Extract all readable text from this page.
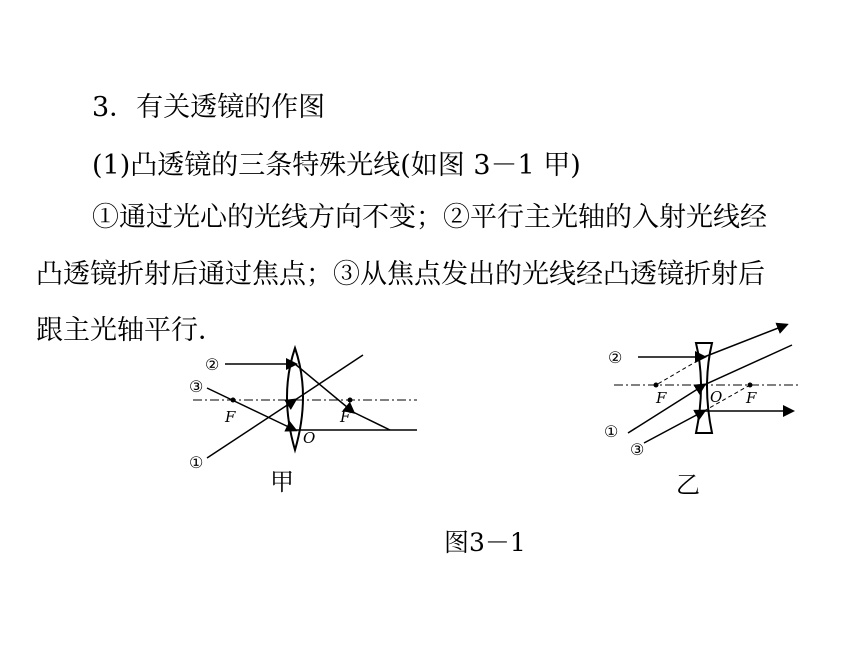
3．有关透镜的作图
(1)凸透镜的三条特殊光线(如图 3－1 甲)
①通过光心的光线方向不变；②平行主光轴的入射光线经
凸透镜折射后通过焦点；③从焦点发出的光线经凸透镜折射后
跟主光轴平行．
②
③
①
F	F
O
②
①
③
F	O F
甲	乙
图3－1
